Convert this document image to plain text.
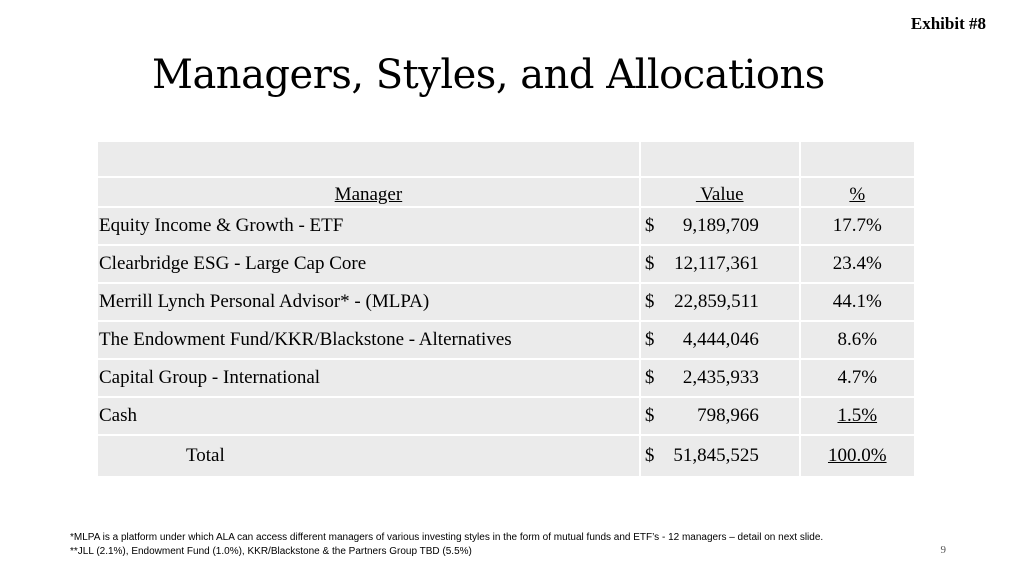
Exhibit #8
Managers, Styles, and Allocations

Manager	Value	%
Equity Income & Growth - ETF	$ 9,189,709	17.7%
Clearbridge ESG - Large Cap Core	$ 12,117,361	23.4%
Merrill Lynch Personal Advisor* - (MLPA)	$ 22,859,511	44.1%
The Endowment Fund/KKR/Blackstone - Alternatives	$ 4,444,046	8.6%
Capital Group - International	$ 2,435,933	4.7%
Cash	$ 798,966	1.5%
Total	$ 51,845,525	100.0%
*MLPA is a platform under which ALA can access different managers of various investing styles in the form of mutual funds and ETF’s - 12 managers – detail on next slide.
**JLL (2.1%), Endowment Fund (1.0%), KKR/Blackstone & the Partners Group TBD (5.5%)	9
